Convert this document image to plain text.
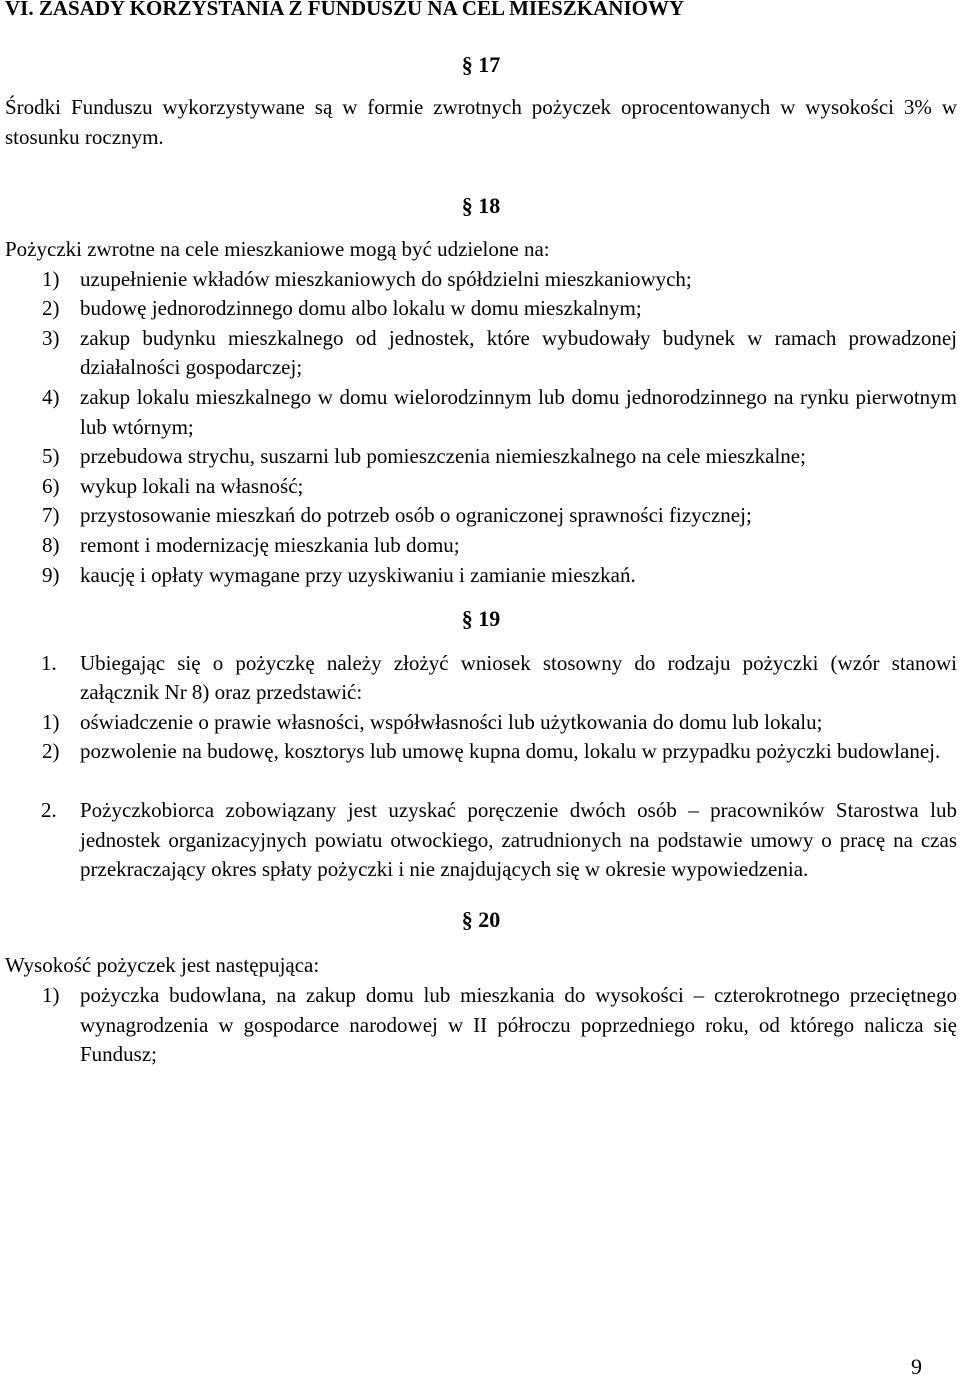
VI. ZASADY KORZYSTANIA Z FUNDUSZU NA CEL MIESZKANIOWY
§ 17
Środki Funduszu wykorzystywane są w formie zwrotnych pożyczek oprocentowanych w wysokości 3% w stosunku rocznym.
§ 18
Pożyczki zwrotne na cele mieszkaniowe mogą być udzielone na:
1) uzupełnienie wkładów mieszkaniowych do spółdzielni mieszkaniowych;
2) budowę jednorodzinnego domu albo lokalu w domu mieszkalnym;
3) zakup budynku mieszkalnego od jednostek, które wybudowały budynek w ramach prowadzonej działalności gospodarczej;
4) zakup lokalu mieszkalnego w domu wielorodzinnym lub domu jednorodzinnego na rynku pierwotnym lub wtórnym;
5) przebudowa strychu, suszarni lub pomieszczenia niemieszkalnego na cele mieszkalne;
6) wykup lokali na własność;
7) przystosowanie mieszkań do potrzeb osób o ograniczonej sprawności fizycznej;
8) remont i modernizację mieszkania lub domu;
9) kaucję i opłaty wymagane przy uzyskiwaniu i zamianie mieszkań.
§ 19
1.	Ubiegając się o pożyczkę należy złożyć wniosek stosowny do rodzaju pożyczki (wzór stanowi załącznik Nr 8) oraz przedstawić:
1) oświadczenie o prawie własności, współwłasności lub użytkowania do domu lub lokalu;
2) pozwolenie na budowę, kosztorys lub umowę kupna domu, lokalu w przypadku pożyczki budowlanej.
2.	Pożyczkobiorca zobowiązany jest uzyskać poręczenie dwóch osób – pracowników Starostwa lub jednostek organizacyjnych powiatu otwockiego, zatrudnionych na podstawie umowy o pracę na czas przekraczający okres spłaty pożyczki i nie znajdujących się w okresie wypowiedzenia.
§ 20
Wysokość pożyczek jest następująca:
1) pożyczka budowlana, na zakup domu lub mieszkania do wysokości – czterokrotnego przeciętnego wynagrodzenia w gospodarce narodowej w II półroczu poprzedniego roku, od którego nalicza się Fundusz;
9
